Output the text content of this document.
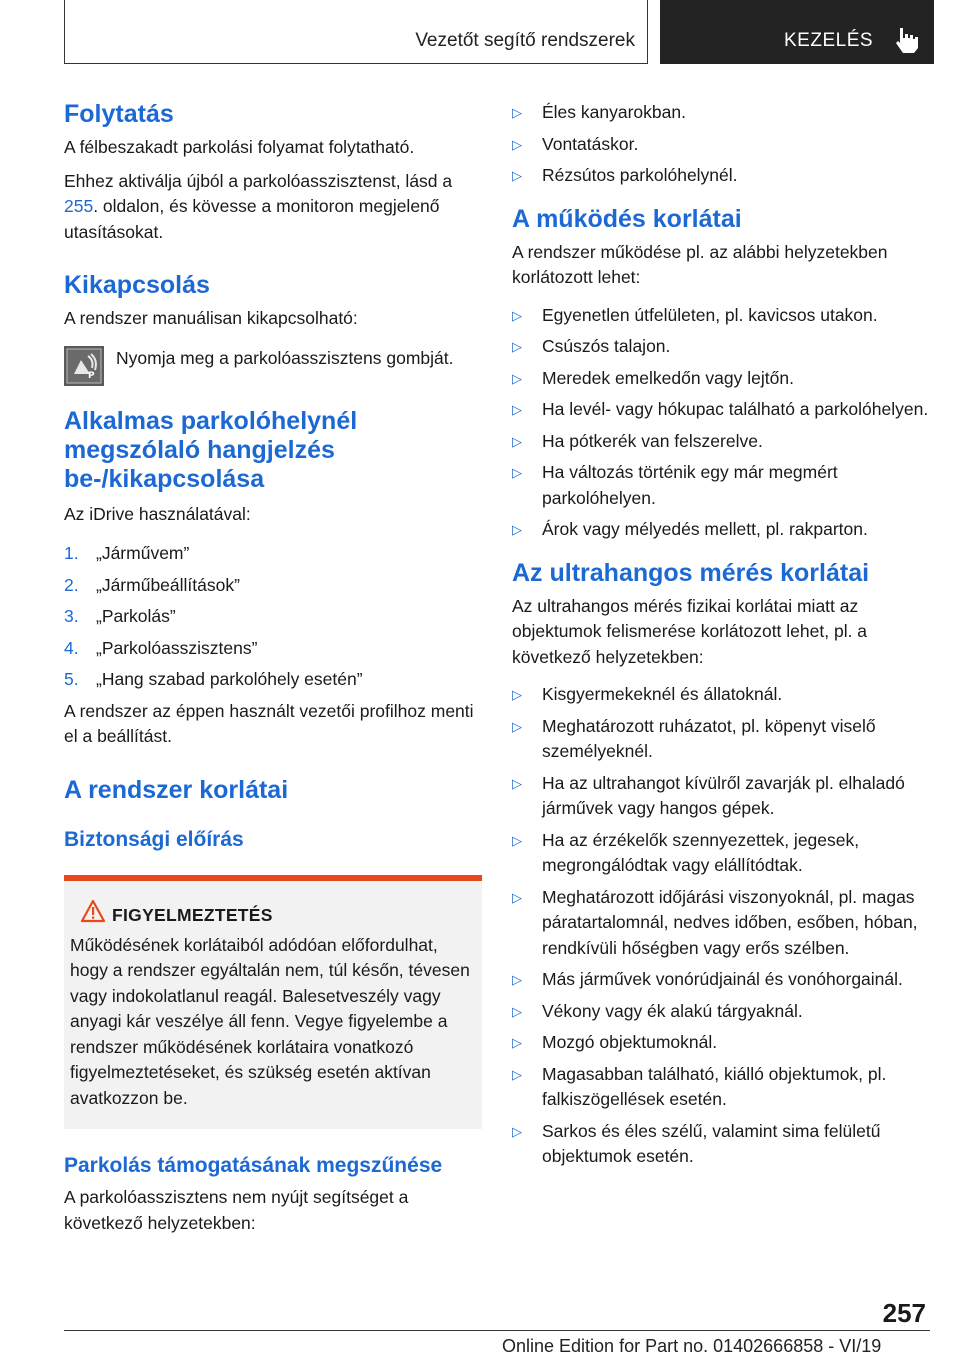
Vezetőt segítő rendszerek	KEZELÉS
Folytatás

A félbeszakadt parkolási folyamat folytatható.

Ehhez aktiválja újból a parkolóasszisztenst, lásd a 255. oldalon, és kövesse a monitoron megjelenő utasításokat.

Kikapcsolás

A rendszer manuálisan kikapcsolható:

P

Nyomja meg a parkolóasszisztens gombját.

Alkalmas parkolóhelynél megszólaló hangjelzés be-/kikapcsolása

Az iDrive használatával:

1. „Járművem”
2. „Járműbeállítások”
3. „Parkolás”
4. „Parkolóasszisztens”
5. „Hang szabad parkolóhely esetén”

A rendszer az éppen használt vezetői profilhoz menti el a beállítást.

A rendszer korlátai
Biztonsági előírás
FIGYELMEZTETÉS

Működésének korlátaiból adódóan előfordulhat, hogy a rendszer egyáltalán nem, túl későn, tévesen vagy indokolatlanul reagál. Balesetveszély vagy anyagi kár veszélye áll fenn. Vegye figyelembe a rendszer működésének korlátaira vonatkozó figyelmeztetéseket, és szükség esetén aktívan avatkozzon be.

Parkolás támogatásának megszűnése

A parkolóasszisztens nem nyújt segítséget a következő helyzetekben:

▷ Éles kanyarokban.
▷ Vontatáskor.
▷ Rézsútos parkolóhelynél.
A működés korlátai

A rendszer működése pl. az alábbi helyzetekben korlátozott lehet:

▷ Egyenetlen útfelületen, pl. kavicsos utakon.
▷ Csúszós talajon.
▷ Meredek emelkedőn vagy lejtőn.
▷ Ha levél- vagy hókupac található a parkolóhelyen.
▷ Ha pótkerék van felszerelve.
▷ Ha változás történik egy már megmért parkolóhelyen.
▷ Árok vagy mélyedés mellett, pl. rakparton.
Az ultrahangos mérés korlátai

Az ultrahangos mérés fizikai korlátai miatt az objektumok felismerése korlátozott lehet, pl. a következő helyzetekben:

▷ Kisgyermekeknél és állatoknál.
▷ Meghatározott ruházatot, pl. köpenyt viselő személyeknél.
▷ Ha az ultrahangot kívülről zavarják pl. elhaladó járművek vagy hangos gépek.
▷ Ha az érzékelők szennyezettek, jegesek, megrongálódtak vagy elállítódtak.
▷ Meghatározott időjárási viszonyoknál, pl. magas páratartalomnál, nedves időben, esőben, hóban, rendkívüli hőségben vagy erős szélben.
▷ Más járművek vonórúdjainál és vonóhorgainál.
▷ Vékony vagy ék alakú tárgyaknál.
▷ Mozgó objektumoknál.
▷ Magasabban található, kiálló objektumok, pl. falkiszögellések esetén.
▷ Sarkos és éles szélű, valamint sima felületű objektumok esetén.
257
Online Edition for Part no. 01402666858 - VI/19
